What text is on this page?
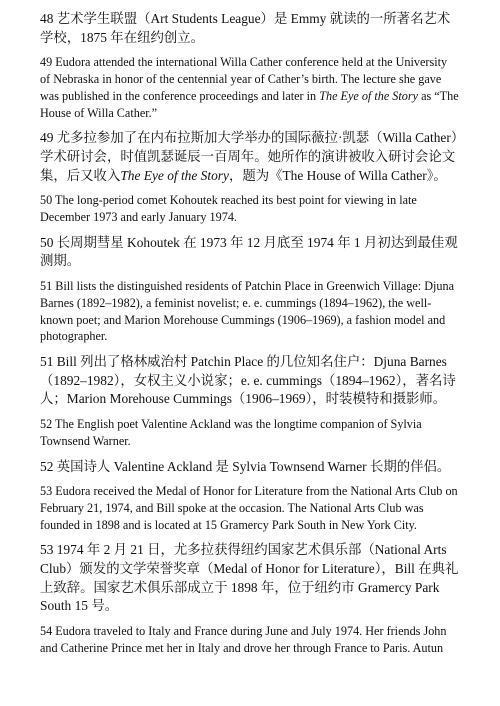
48 艺术学生联盟（Art Students League）是 Emmy 就读的一所著名艺术学校，1875 年在纽约创立。

49 Eudora attended the international Willa Cather conference held at the University of Nebraska in honor of the centennial year of Cather’s birth. The lecture she gave was published in the conference proceedings and later in The Eye of the Story as “The House of Willa Cather.”

49 尤多拉参加了在内布拉斯加大学举办的国际薇拉·凯瑟（Willa Cather）学术研讨会，时值凯瑟诞辰一百周年。她所作的演讲被收入研讨会论文集，后又收入The Eye of the Story，题为《The House of Willa Cather》。

50 The long-period comet Kohoutek reached its best point for viewing in late December 1973 and early January 1974.

50 长周期彗星 Kohoutek 在 1973 年 12 月底至 1974 年 1 月初达到最佳观测期。

51 Bill lists the distinguished residents of Patchin Place in Greenwich Village: Djuna Barnes (1892–1982), a feminist novelist; e. e. cummings (1894–1962), the well-known poet; and Marion Morehouse Cummings (1906–1969), a fashion model and photographer.

51 Bill 列出了格林威治村 Patchin Place 的几位知名住户：Djuna Barnes（1892–1982），女权主义小说家；e. e. cummings（1894–1962），著名诗人；Marion Morehouse Cummings（1906–1969），时装模特和摄影师。

52 The English poet Valentine Ackland was the longtime companion of Sylvia Townsend Warner.

52 英国诗人 Valentine Ackland 是 Sylvia Townsend Warner 长期的伴侣。

53 Eudora received the Medal of Honor for Literature from the National Arts Club on February 21, 1974, and Bill spoke at the occasion. The National Arts Club was founded in 1898 and is located at 15 Gramercy Park South in New York City.

53 1974 年 2 月 21 日，尤多拉获得纽约国家艺术俱乐部（National Arts Club）颁发的文学荣誉奖章（Medal of Honor for Literature），Bill 在典礼上致辞。国家艺术俱乐部成立于 1898 年，位于纽约市 Gramercy Park South 15 号。

54 Eudora traveled to Italy and France during June and July 1974. Her friends John and Catherine Prince met her in Italy and drove her through France to Paris. Autun
